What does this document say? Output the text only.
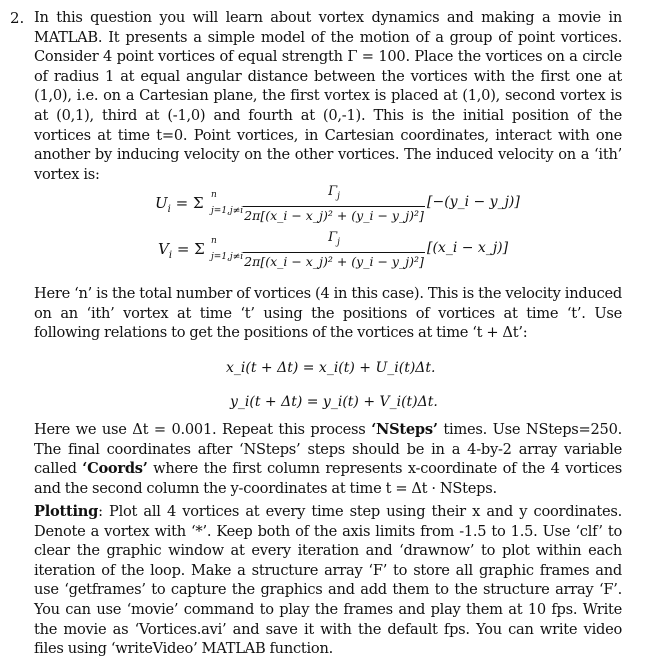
2. In this question you will learn about vortex dynamics and making a movie in MATLAB. It presents a simple model of the motion of a group of point vortices. Consider 4 point vortices of equal strength Γ = 100. Place the vortices on a circle of radius 1 at equal angular distance between the vortices with the first one at (1,0), i.e. on a Cartesian plane, the first vortex is placed at (1,0), second vortex is at (0,1), third at (-1,0) and fourth at (0,-1). This is the initial position of the vortices at time t=0. Point vortices, in Cartesian coordinates, interact with one another by inducing velocity on the other vortices. The induced velocity on a ‘ith’ vortex is:
$U_i = \Sigma$ n
j=1,j≠i
$\Gamma_j$
2π[(x_i − x_j)² + (y_i − y_j)²]
[−(y_i − y_j)]
$V_i = \Sigma$ n
j=1,j≠i
$\Gamma_j$
2π[(x_i − x_j)² + (y_i − y_j)²]
[(x_i − x_j)]
Here ‘n’ is the total number of vortices (4 in this case). This is the velocity induced on an ‘ith’ vortex at time ‘t’ using the positions of vortices at time ‘t’. Use following relations to get the positions of the vortices at time ‘t + Δt’:
x_i(t + Δt) = x_i(t) + U_i(t)Δt.
y_i(t + Δt) = y_i(t) + V_i(t)Δt.
Here we use Δt = 0.001. Repeat this process ‘NSteps’ times. Use NSteps=250. The final coordinates after ‘NSteps’ steps should be in a 4-by-2 array variable called ‘Coords’ where the first column represents x-coordinate of the 4 vortices and the second column the y-coordinates at time t = Δt · NSteps.
Plotting: Plot all 4 vortices at every time step using their x and y coordinates. Denote a vortex with ‘*’. Keep both of the axis limits from -1.5 to 1.5. Use ‘clf’ to clear the graphic window at every iteration and ‘drawnow’ to plot within each iteration of the loop. Make a structure array ‘F’ to store all graphic frames and use ‘getframes’ to capture the graphics and add them to the structure array ‘F’. You can use ‘movie’ command to play the frames and play them at 10 fps. Write the movie as ‘Vortices.avi’ and save it with the default fps. You can write video files using ‘writeVideo’ MATLAB function.
